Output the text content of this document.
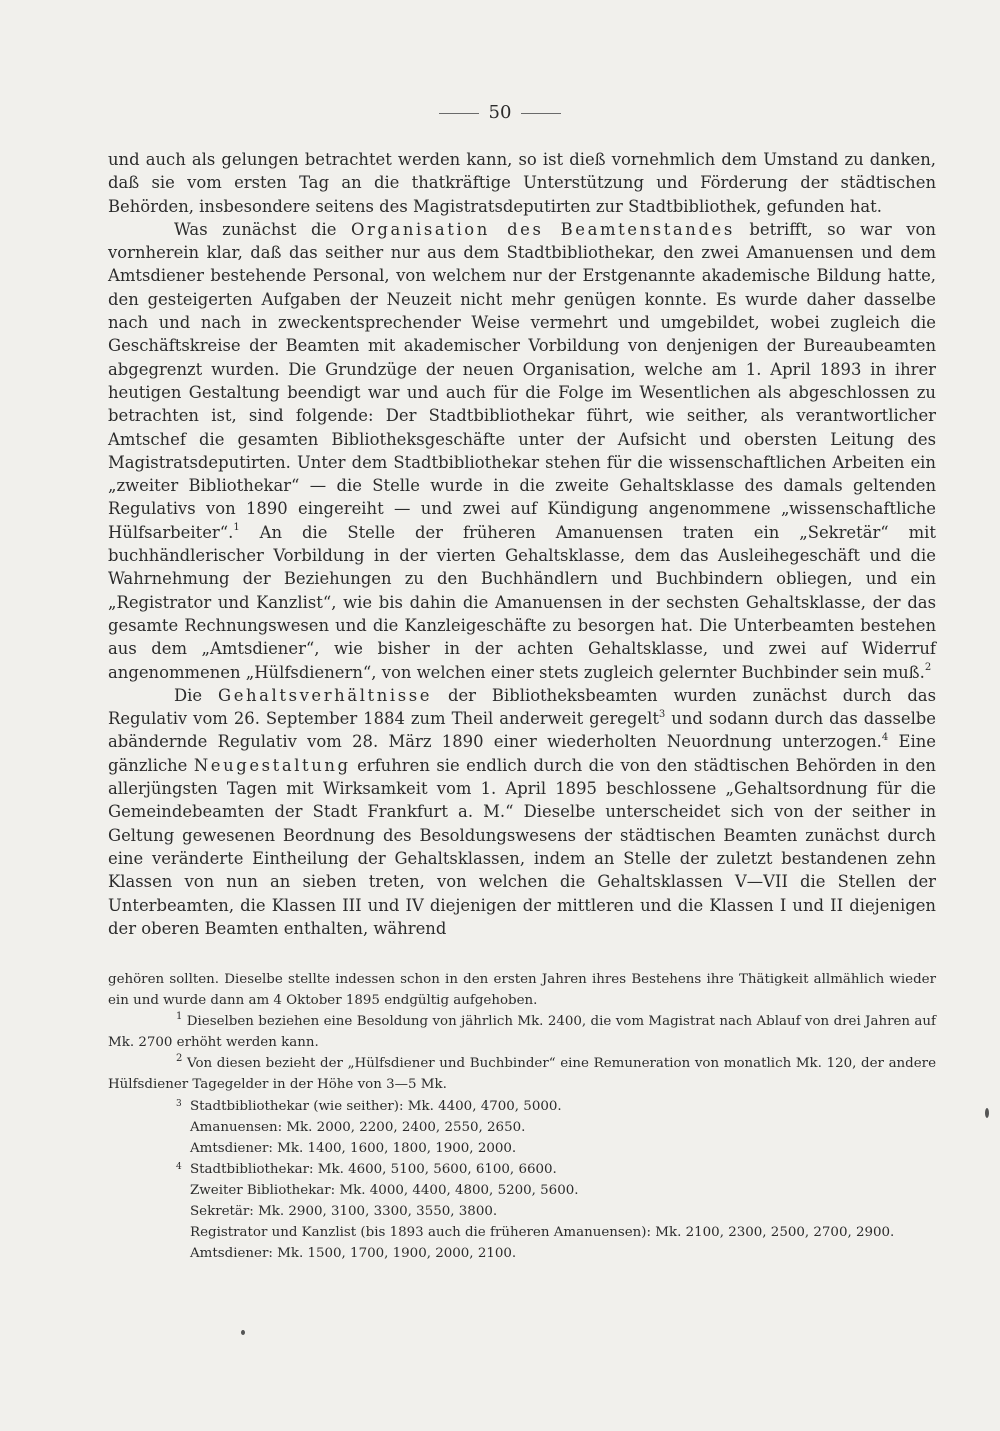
50

und auch als gelungen betrachtet werden kann, so ist dieß vornehmlich dem Umstand zu danken, daß sie vom ersten Tag an die thatkräftige Unterstützung und Förderung der städtischen Behörden, insbesondere seitens des Magistratsdeputirten zur Stadtbibliothek, gefunden hat.

Was zunächst die Organisation des Beamtenstandes betrifft, so war von vornherein klar, daß das seither nur aus dem Stadtbibliothekar, den zwei Amanuensen und dem Amtsdiener bestehende Personal, von welchem nur der Erstgenannte akademische Bildung hatte, den gesteigerten Aufgaben der Neuzeit nicht mehr genügen konnte. Es wurde daher dasselbe nach und nach in zweckentsprechender Weise vermehrt und umgebildet, wobei zugleich die Geschäftskreise der Beamten mit akademischer Vorbildung von denjenigen der Bureaubeamten abgegrenzt wurden. Die Grundzüge der neuen Organisation, welche am 1. April 1893 in ihrer heutigen Gestaltung beendigt war und auch für die Folge im Wesentlichen als abgeschlossen zu betrachten ist, sind folgende: Der Stadtbibliothekar führt, wie seither, als verantwortlicher Amtschef die gesamten Bibliotheksgeschäfte unter der Aufsicht und obersten Leitung des Magistratsdeputirten. Unter dem Stadtbibliothekar stehen für die wissenschaftlichen Arbeiten ein „zweiter Bibliothekar“ — die Stelle wurde in die zweite Gehaltsklasse des damals geltenden Regulativs von 1890 eingereiht — und zwei auf Kündigung angenommene „wissenschaftliche Hülfsarbeiter“.$^1$ An die Stelle der früheren Amanuensen traten ein „Sekretär“ mit buchhändlerischer Vorbildung in der vierten Gehaltsklasse, dem das Ausleihegeschäft und die Wahrnehmung der Beziehungen zu den Buchhändlern und Buchbindern obliegen, und ein „Registrator und Kanzlist“, wie bis dahin die Amanuensen in der sechsten Gehaltsklasse, der das gesamte Rechnungswesen und die Kanzleigeschäfte zu besorgen hat. Die Unterbeamten bestehen aus dem „Amtsdiener“, wie bisher in der achten Gehaltsklasse, und zwei auf Widerruf angenommenen „Hülfsdienern“, von welchen einer stets zugleich gelernter Buchbinder sein muß.$^2$

Die Gehaltsverhältnisse der Bibliotheksbeamten wurden zunächst durch das Regulativ vom 26. September 1884 zum Theil anderweit geregelt$^3$ und sodann durch das dasselbe abändernde Regulativ vom 28. März 1890 einer wiederholten Neuordnung unterzogen.$^4$ Eine gänzliche Neugestaltung erfuhren sie endlich durch die von den städtischen Behörden in den allerjüngsten Tagen mit Wirksamkeit vom 1. April 1895 beschlossene „Gehaltsordnung für die Gemeindebeamten der Stadt Frankfurt a. M.“ Dieselbe unterscheidet sich von der seither in Geltung gewesenen Beordnung des Besoldungswesens der städtischen Beamten zunächst durch eine veränderte Eintheilung der Gehaltsklassen, indem an Stelle der zuletzt bestandenen zehn Klassen von nun an sieben treten, von welchen die Gehaltsklassen V—VII die Stellen der Unterbeamten, die Klassen III und IV diejenigen der mittleren und die Klassen I und II diejenigen der oberen Beamten enthalten, während

gehören sollten. Dieselbe stellte indessen schon in den ersten Jahren ihres Bestehens ihre Thätigkeit allmählich wieder ein und wurde dann am 4 Oktober 1895 endgültig aufgehoben.

$^1$ Dieselben beziehen eine Besoldung von jährlich Mk. 2400, die vom Magistrat nach Ablauf von drei Jahren auf Mk. 2700 erhöht werden kann.

$^2$ Von diesen bezieht der „Hülfsdiener und Buchbinder“ eine Remuneration von monatlich Mk. 120, der andere Hülfsdiener Tagegelder in der Höhe von 3—5 Mk.

3 Stadtbibliothekar (wie seither): Mk. 4400, 4700, 5000.
Amanuensen: Mk. 2000, 2200, 2400, 2550, 2650.
Amtsdiener: Mk. 1400, 1600, 1800, 1900, 2000.
4 Stadtbibliothekar: Mk. 4600, 5100, 5600, 6100, 6600.
Zweiter Bibliothekar: Mk. 4000, 4400, 4800, 5200, 5600.
Sekretär: Mk. 2900, 3100, 3300, 3550, 3800.
Registrator und Kanzlist (bis 1893 auch die früheren Amanuensen): Mk. 2100, 2300, 2500, 2700, 2900.
Amtsdiener: Mk. 1500, 1700, 1900, 2000, 2100.
